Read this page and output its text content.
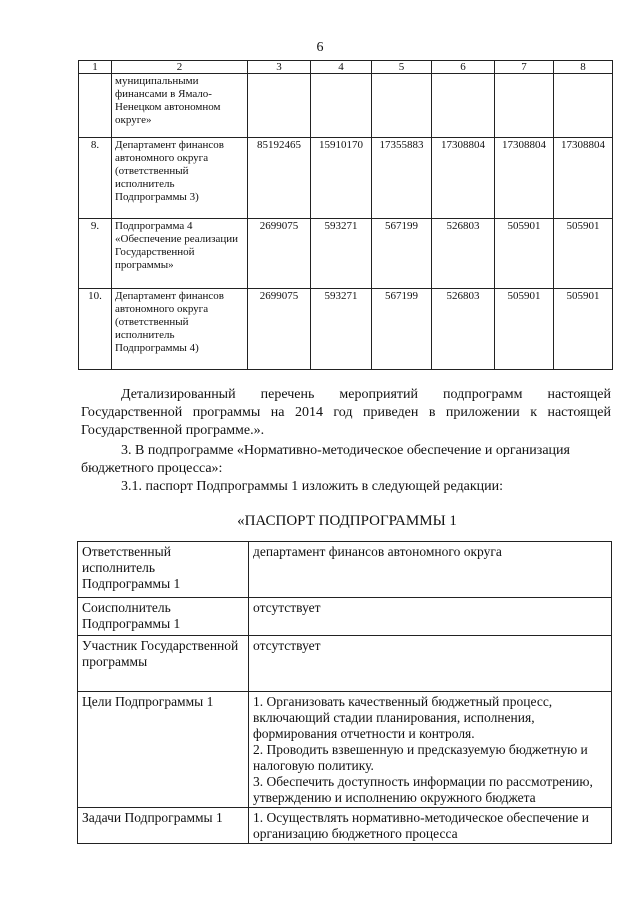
6
1	2	3	4	5	6	7	8
	муниципальными финансами в Ямало-Ненецком автономном округе»						
8.	Департамент финансов автономного округа (ответственный исполнитель Подпрограммы 3)	85192465	15910170	17355883	17308804	17308804	17308804
9.	Подпрограмма 4 «Обеспечение реализации Государственной программы»	2699075	593271	567199	526803	505901	505901
10.	Департамент финансов автономного округа (ответственный исполнитель Подпрограммы 4)	2699075	593271	567199	526803	505901	505901
Детализированный перечень мероприятий подпрограмм настоящей Государственной программы на 2014 год приведен в приложении к настоящей Государственной программе.».
3. В подпрограмме «Нормативно-методическое обеспечение и организация бюджетного процесса»:
3.1. паспорт Подпрограммы 1 изложить в следующей редакции:
«ПАСПОРТ ПОДПРОГРАММЫ 1
Ответственный исполнитель Подпрограммы 1	департамент финансов автономного округа
Соисполнитель Подпрограммы 1	отсутствует
Участник Государственной программы	отсутствует
Цели Подпрограммы 1	1. Организовать качественный бюджетный процесс, включающий стадии планирования, исполнения, формирования отчетности и контроля.
2. Проводить взвешенную и предсказуемую бюджетную и налоговую политику.
3. Обеспечить доступность информации по рассмотрению, утверждению и исполнению окружного бюджета

Задачи Подпрограммы 1	1. Осуществлять нормативно-методическое обеспечение и организацию бюджетного процесса
